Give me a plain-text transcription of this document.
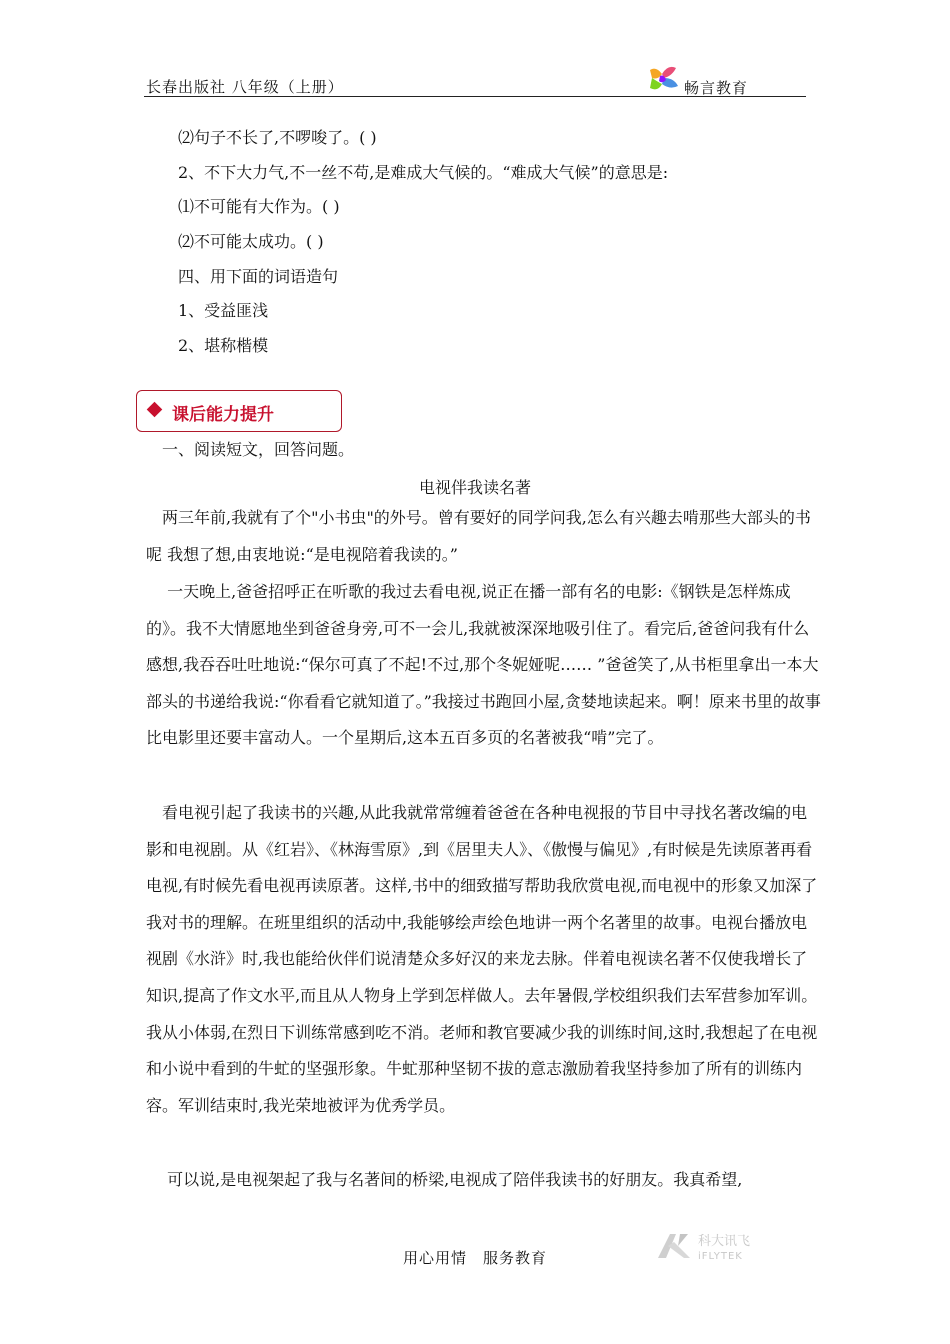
长春出版社 八年级（上册）	畅言教育
⑵句子不长了,不啰唆了。( )
2、不下大力气,不一丝不苟,是难成大气候的。“难成大气候”的意思是:
⑴不可能有大作为。( )
⑵不可能太成功。( )
四、用下面的词语造句
1、受益匪浅
2、堪称楷模
课后能力提升
一、阅读短文，回答问题。
电视伴我读名著

　两三年前,我就有了个"小书虫"的外号。曾有要好的同学问我,怎么有兴趣去啃那些大部头的书呢 我想了想,由衷地说:“是电视陪着我读的。”

　 一天晚上,爸爸招呼正在听歌的我过去看电视,说正在播一部有名的电影:《钢铁是怎样炼成的》。我不大情愿地坐到爸爸身旁,可不一会儿,我就被深深地吸引住了。看完后,爸爸问我有什么感想,我吞吞吐吐地说:“保尔可真了不起!不过,那个冬妮娅呢…… ”爸爸笑了,从书柜里拿出一本大部头的书递给我说:“你看看它就知道了。”我接过书跑回小屋,贪婪地读起来。啊！原来书里的故事比电影里还要丰富动人。一个星期后,这本五百多页的名著被我“啃”完了。

看电视引起了我读书的兴趣,从此我就常常缠着爸爸在各种电视报的节目中寻找名著改编的电影和电视剧。从《红岩》、《林海雪原》,到《居里夫人》、《傲慢与偏见》,有时候是先读原著再看电视,有时候先看电视再读原著。这样,书中的细致描写帮助我欣赏电视,而电视中的形象又加深了我对书的理解。在班里组织的活动中,我能够绘声绘色地讲一两个名著里的故事。电视台播放电视剧《水浒》时,我也能给伙伴们说清楚众多好汉的来龙去脉。伴着电视读名著不仅使我增长了知识,提高了作文水平,而且从人物身上学到怎样做人。去年暑假,学校组织我们去军营参加军训。我从小体弱,在烈日下训练常感到吃不消。老师和教官要减少我的训练时间,这时,我想起了在电视和小说中看到的牛虻的坚强形象。牛虻那种坚韧不拔的意志激励着我坚持参加了所有的训练内容。军训结束时,我光荣地被评为优秀学员。

　 可以说,是电视架起了我与名著间的桥梁,电视成了陪伴我读书的好朋友。我真希望,

用心用情　服务教育
科大讯飞
iFLYTEK
